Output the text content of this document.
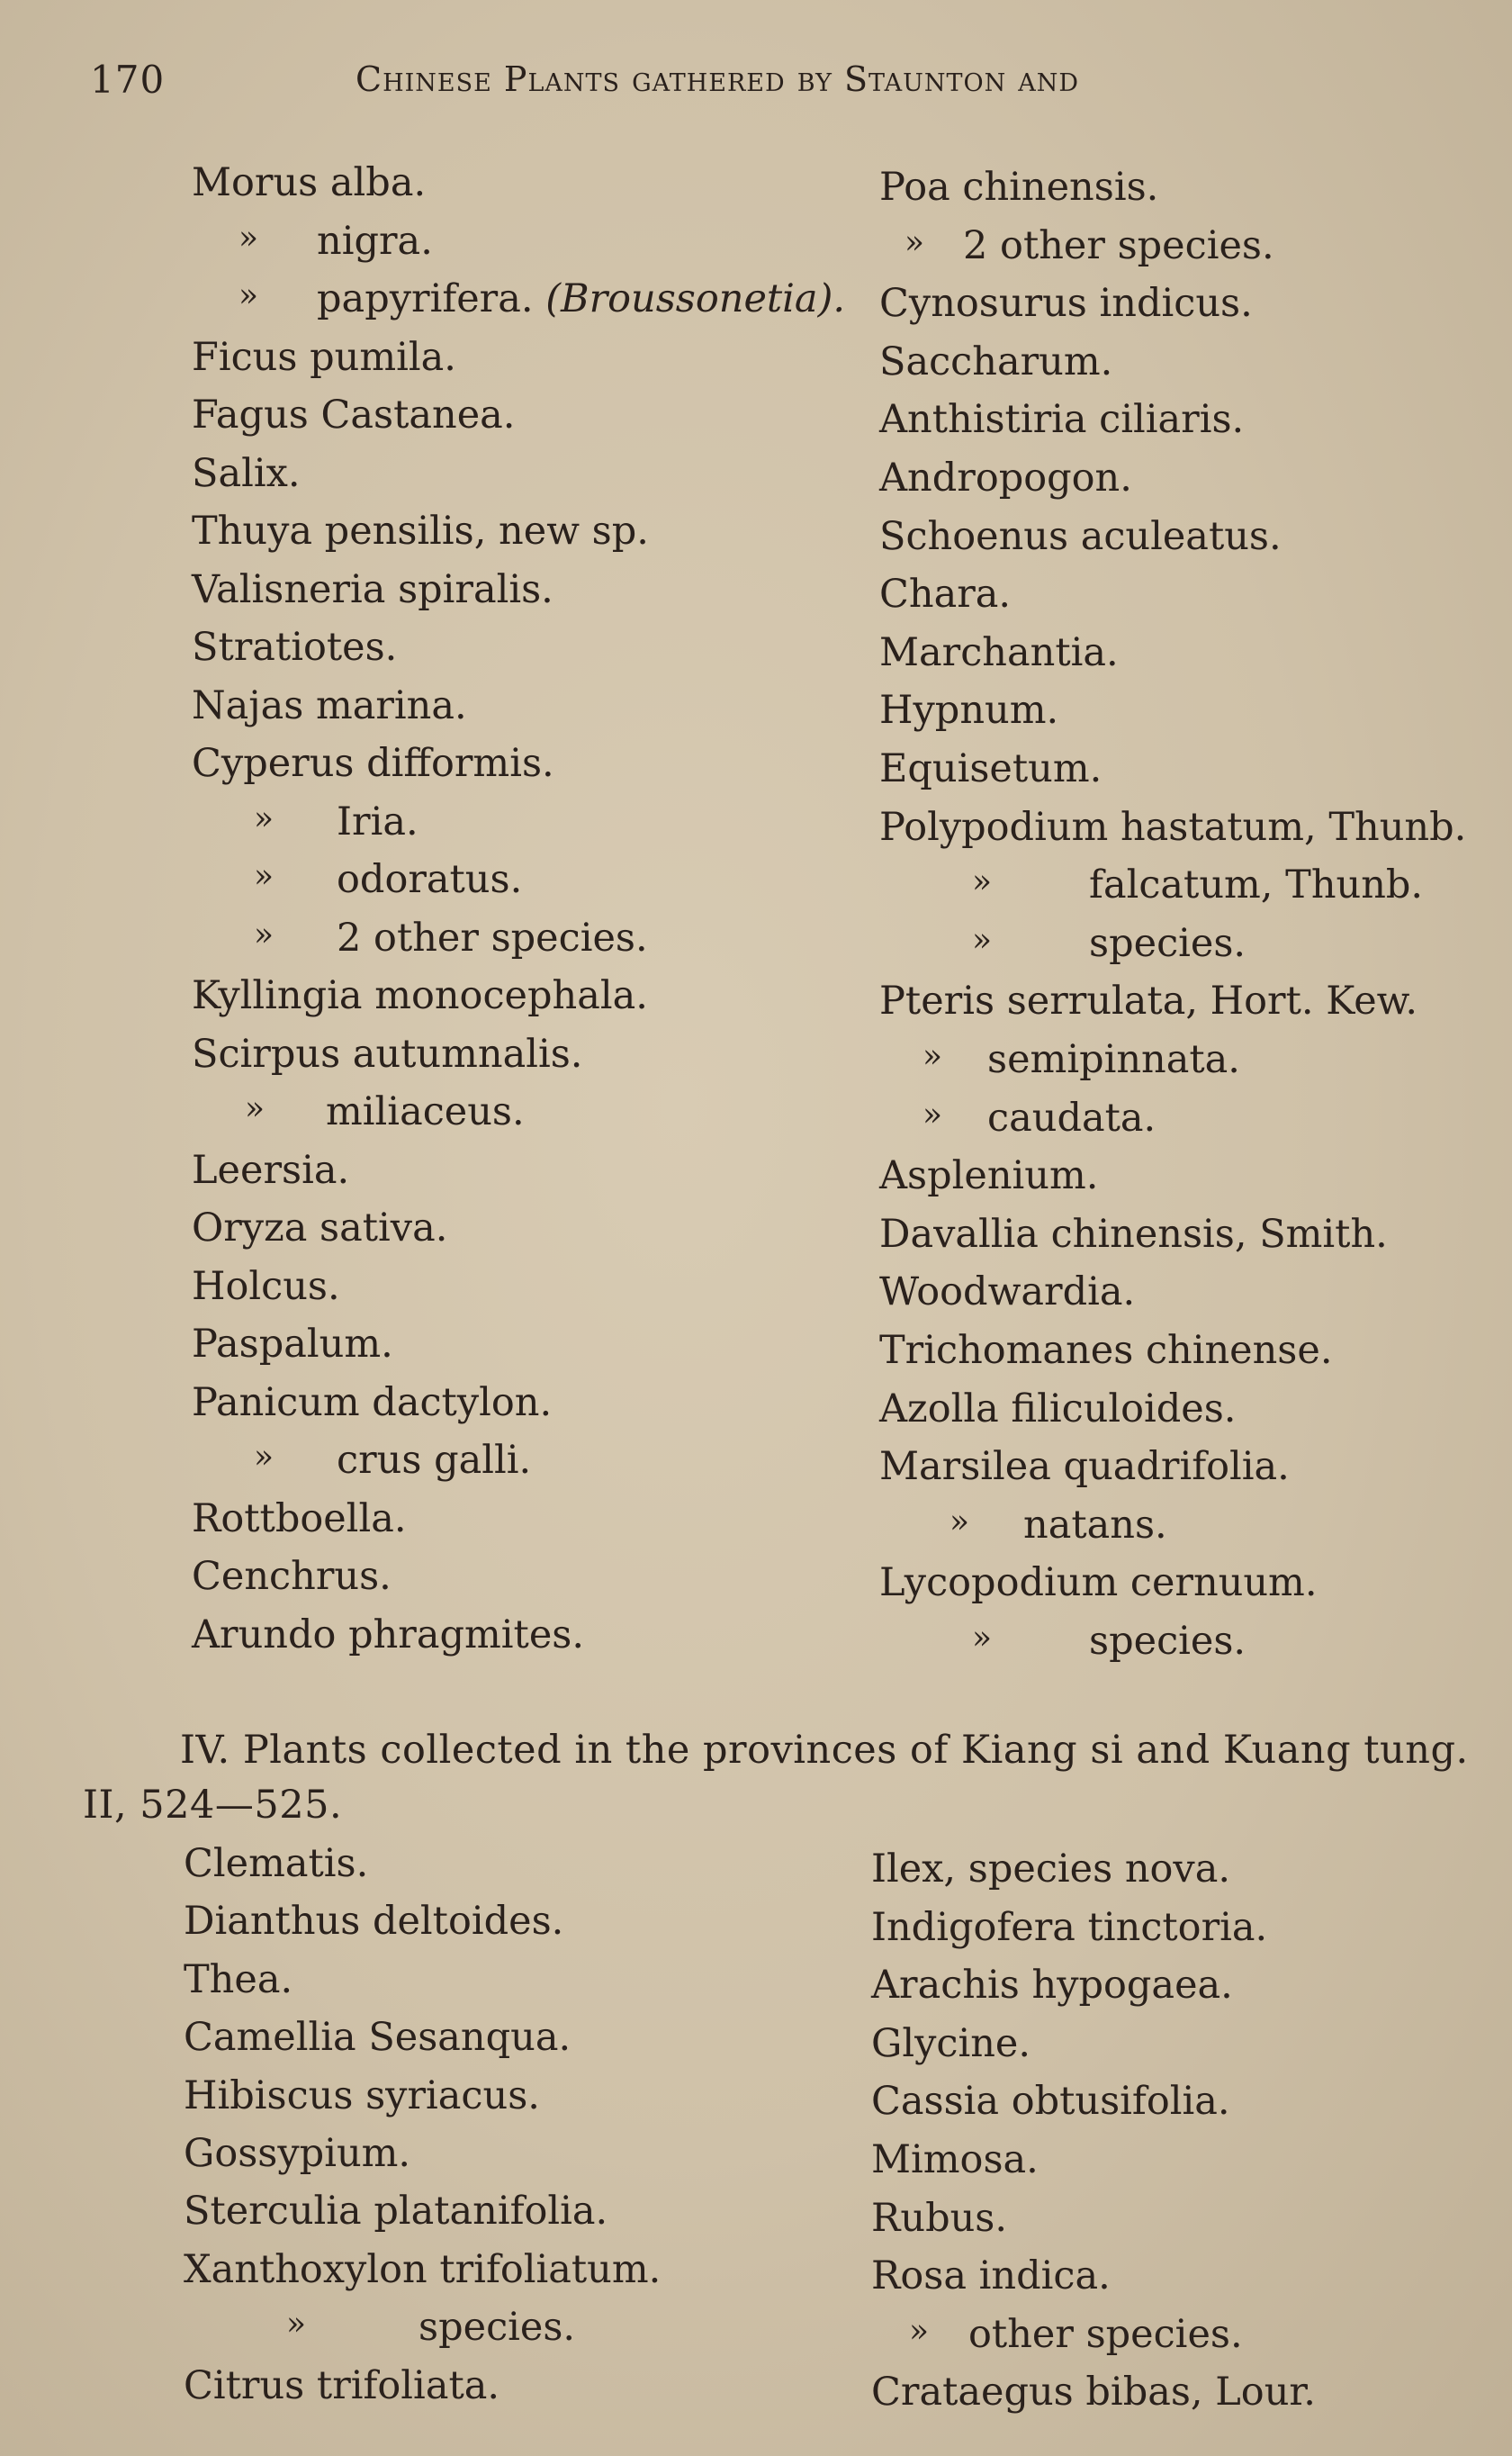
170	Chinese Plants gathered by Staunton and
Morus alba.
» nigra.
» papyrifera. (Broussonetia).
Ficus pumila.
Fagus Castanea.
Salix.
Thuya pensilis, new sp.
Valisneria spiralis.
Stratiotes.
Najas marina.
Cyperus difformis.
» Iria.
» odoratus.
» 2 other species.
Kyllingia monocephala.
Scirpus autumnalis.
» miliaceus.
Leersia.
Oryza sativa.
Holcus.
Paspalum.
Panicum dactylon.
» crus galli.
Rottboella.
Cenchrus.
Arundo phragmites.
Poa chinensis.
» 2 other species.
Cynosurus indicus.
Saccharum.
Anthistiria ciliaris.
Andropogon.
Schoenus aculeatus.
Chara.
Marchantia.
Hypnum.
Equisetum.
Polypodium hastatum, Thunb.
»	falcatum, Thunb.
»	species.
Pteris serrulata, Hort. Kew.
» semipinnata.
» caudata.
Asplenium.
Davallia chinensis, Smith.
Woodwardia.
Trichomanes chinense.
Azolla filiculoides.
Marsilea quadrifolia.
» natans.
Lycopodium cernuum.
»	species.
IV. Plants collected in the provinces of Kiang si and Kuang tung.
II, 524—525.
Clematis.
Dianthus deltoides.
Thea.
Camellia Sesanqua.
Hibiscus syriacus.
Gossypium.
Sterculia platanifolia.
Xanthoxylon trifoliatum.
»	species.
Citrus trifoliata.
Ilex, species nova.
Indigofera tinctoria.
Arachis hypogaea.
Glycine.
Cassia obtusifolia.
Mimosa.
Rubus.
Rosa indica.
» other species.
Crataegus bibas, Lour.
